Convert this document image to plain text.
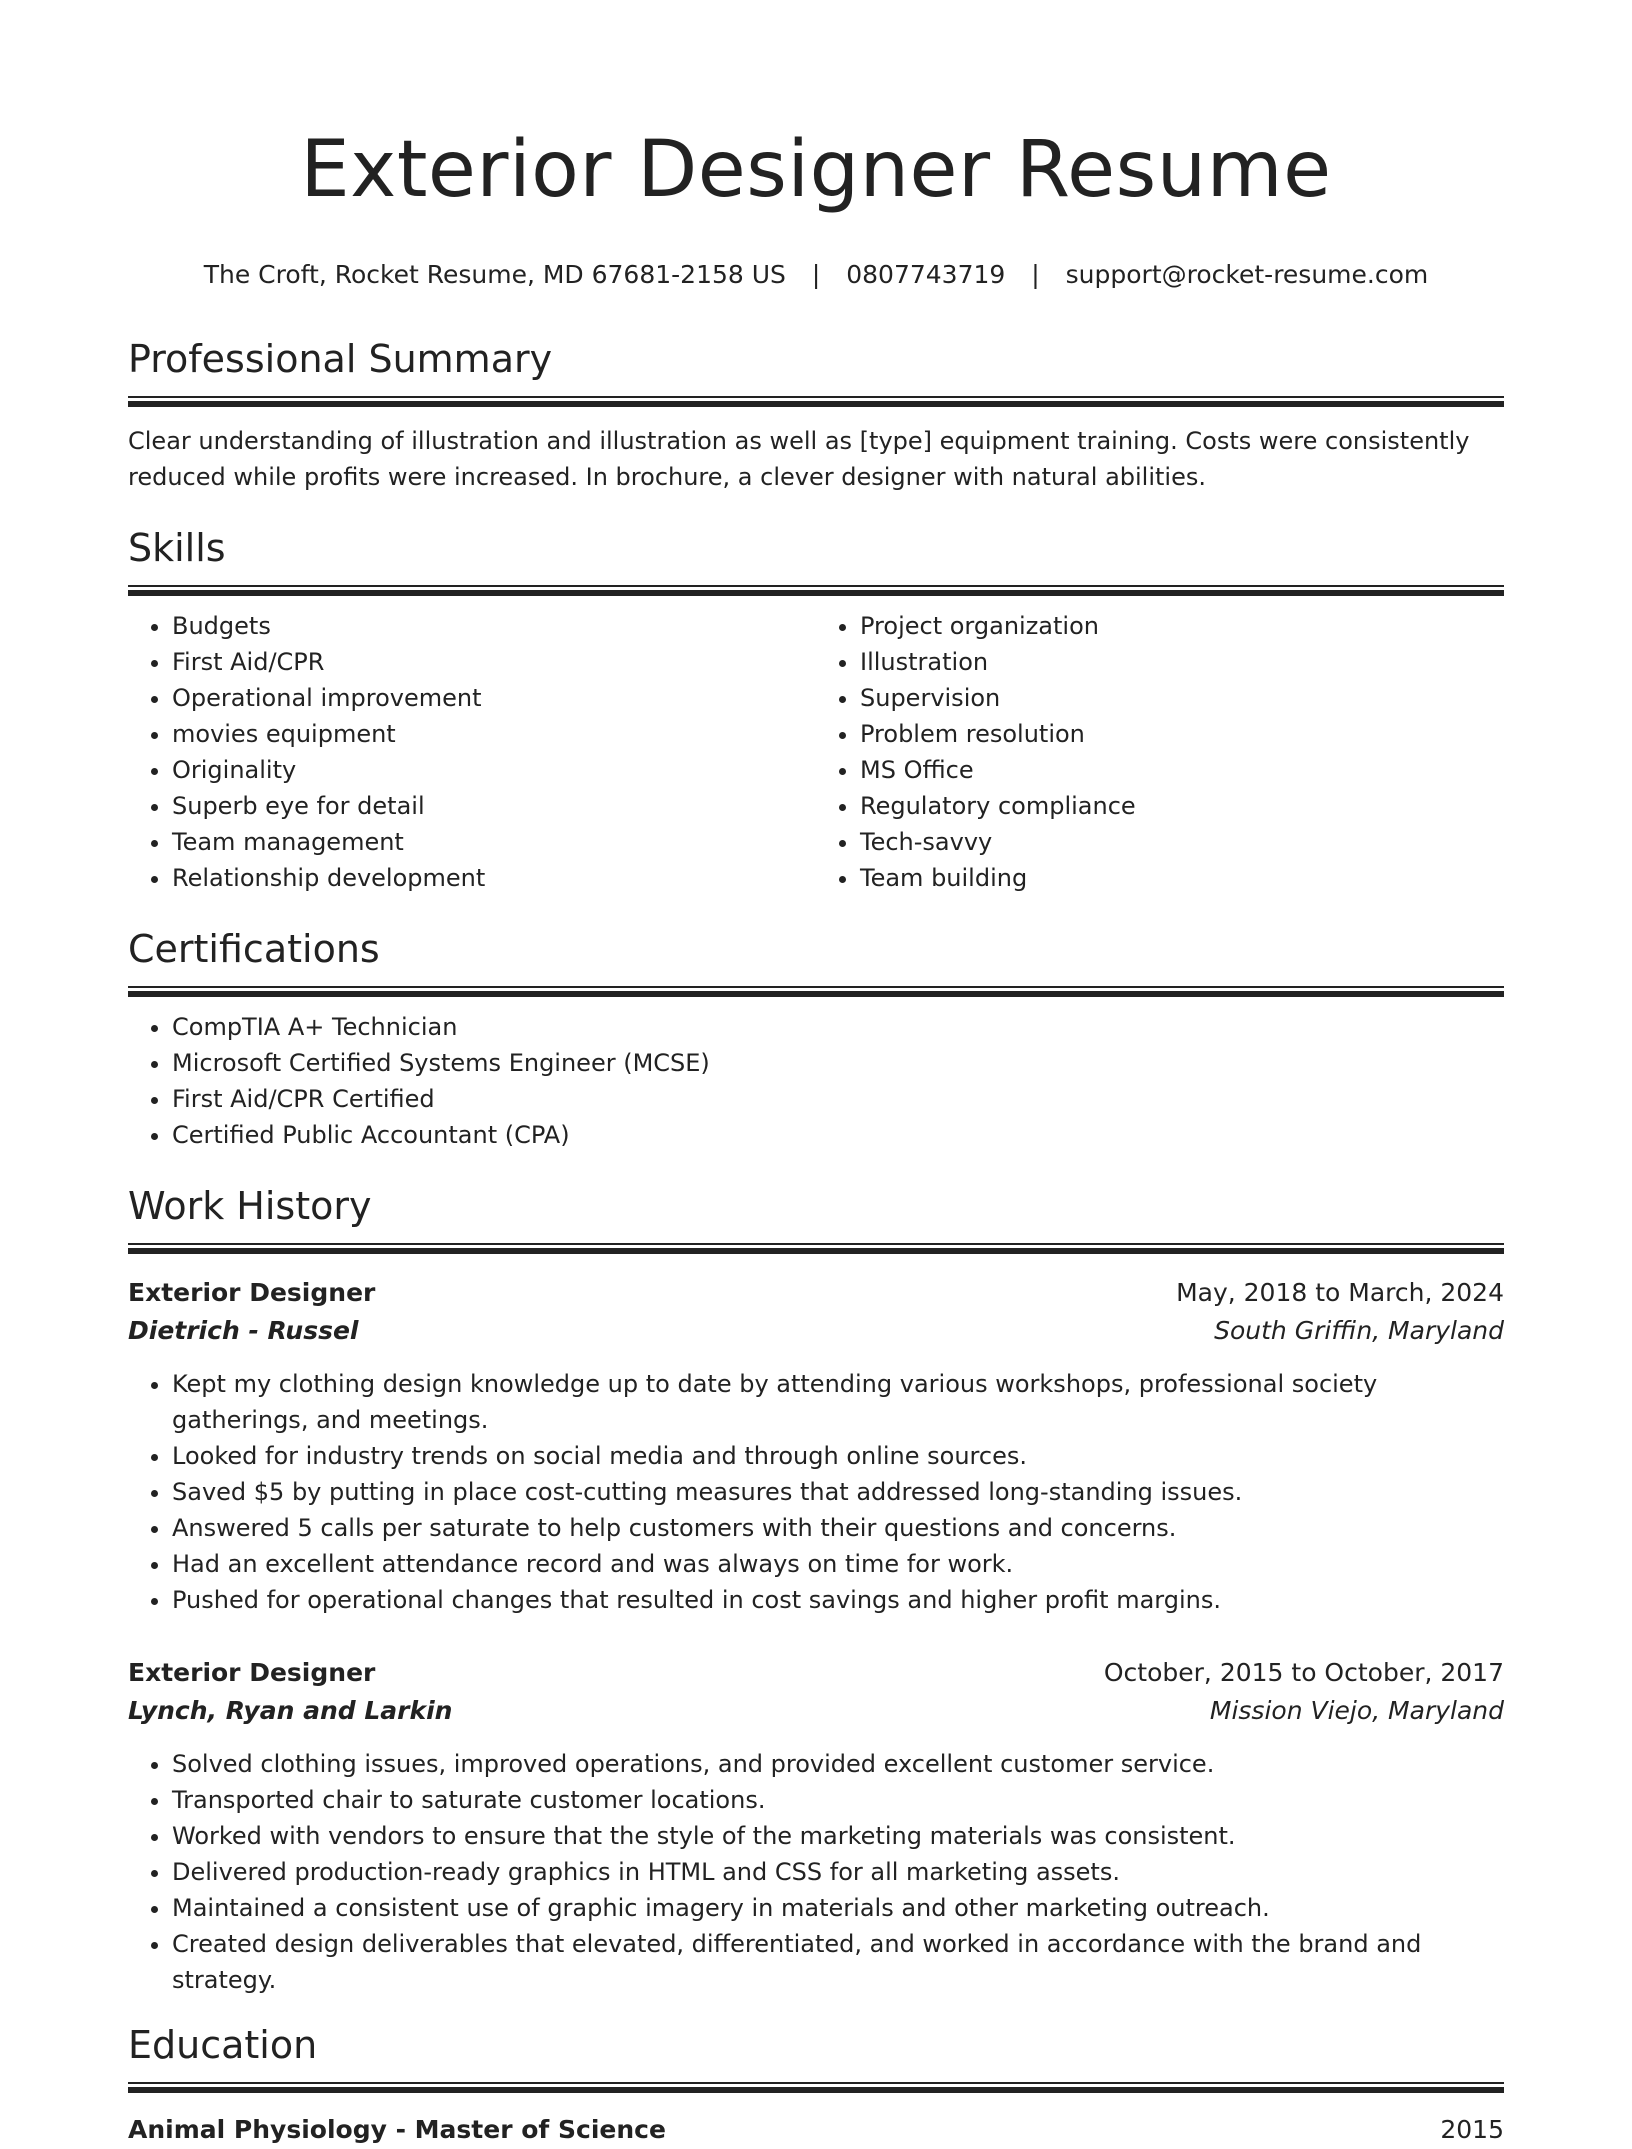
Exterior Designer Resume
The Croft, Rocket Resume, MD 67681-2158 US | 0807743719 | support@rocket-resume.com
Professional Summary

Clear understanding of illustration and illustration as well as [type] equipment training. Costs were consistently reduced while profits were increased. In brochure, a clever designer with natural abilities.

Skills
• Budgets
• First Aid/CPR
• Operational improvement
• movies equipment
• Originality
• Superb eye for detail
• Team management
• Relationship development
• Project organization
• Illustration
• Supervision
• Problem resolution
• MS Office
• Regulatory compliance
• Tech-savvy
• Team building
Certifications
• CompTIA A+ Technician
• Microsoft Certified Systems Engineer (MCSE)
• First Aid/CPR Certified
• Certified Public Accountant (CPA)
Work History
Exterior Designer	May, 2018 to March, 2024
Dietrich - Russel	South Griffin, Maryland
• Kept my clothing design knowledge up to date by attending various workshops, professional society gatherings, and meetings.
• Looked for industry trends on social media and through online sources.
• Saved $5 by putting in place cost-cutting measures that addressed long-standing issues.
• Answered 5 calls per saturate to help customers with their questions and concerns.
• Had an excellent attendance record and was always on time for work.
• Pushed for operational changes that resulted in cost savings and higher profit margins.
Exterior Designer	October, 2015 to October, 2017
Lynch, Ryan and Larkin	Mission Viejo, Maryland
• Solved clothing issues, improved operations, and provided excellent customer service.
• Transported chair to saturate customer locations.
• Worked with vendors to ensure that the style of the marketing materials was consistent.
• Delivered production-ready graphics in HTML and CSS for all marketing assets.
• Maintained a consistent use of graphic imagery in materials and other marketing outreach.
• Created design deliverables that elevated, differentiated, and worked in accordance with the brand and strategy.
Education
Animal Physiology - Master of Science	2015
